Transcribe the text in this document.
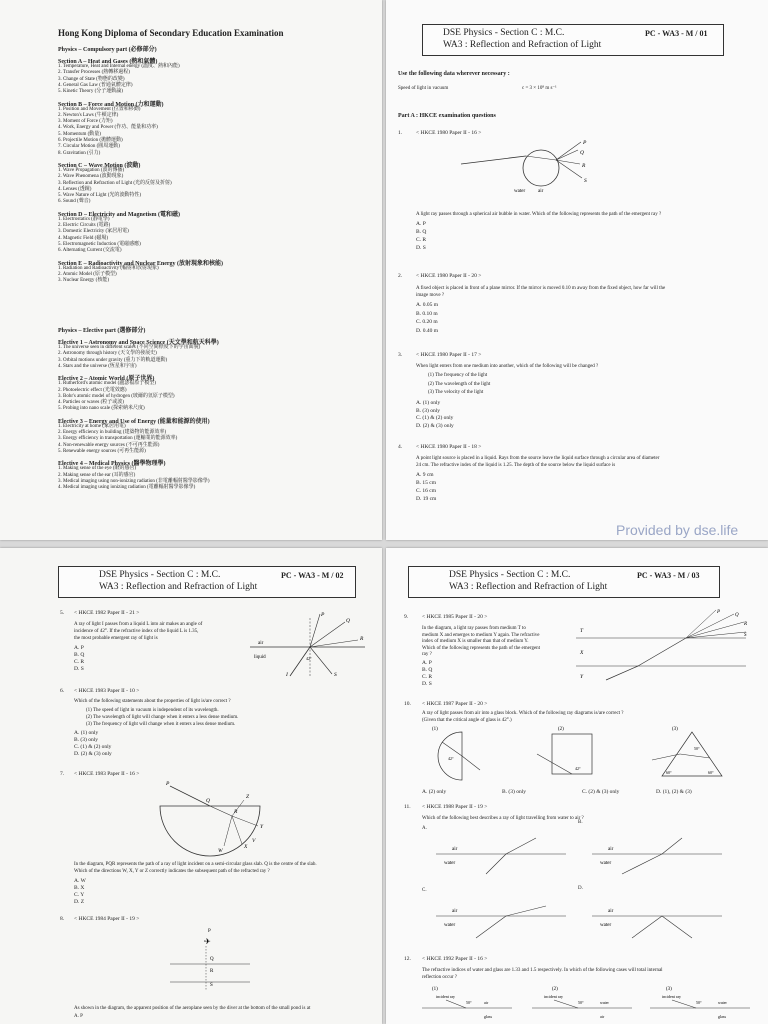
Hong Kong Diploma of Secondary Education Examination
Physics – Compulsory part (必修部分)
Section A – Heat and Gases (熱和氣體)
1. Temperature, Heat and Internal energy (溫度、熱和內能)
2. Transfer Processes (熱轉移過程)
3. Change of State (物態的改變)
4. General Gas Law (普通氣體定律)
5. Kinetic Theory (分子運動論)
Section B – Force and Motion (力和運動)
1. Position and Movement (位置和移動)
2. Newton's Laws (牛頓定律)
3. Moment of Force (力矩)
4. Work, Energy and Power (作功、能量和功率)
5. Momentum (動量)
6. Projectile Motion (拋體運動)
7. Circular Motion (圓周運動)
8. Gravitation (引力)
Section C – Wave Motion (波動)
1. Wave Propagation (波的傳播)
2. Wave Phenomena (波動現象)
3. Reflection and Refraction of Light (光的反射及折射)
4. Lenses (透鏡)
5. Wave Nature of Light (光的波動特性)
6. Sound (聲音)
Section D – Electricity and Magnetism (電和磁)
1. Electrostatics (靜電學)
2. Electric Circuits (電路)
3. Domestic Electricity (家居用電)
4. Magnetic Field (磁場)
5. Electromagnetic Induction (電磁感應)
6. Alternating Current (交流電)
Section E – Radioactivity and Nuclear Energy (放射現象和核能)
1. Radiation and Radioactivity (輻射和放射現象)
2. Atomic Model (原子模型)
3. Nuclear Energy (核能)
Physics – Elective part (選修部分)
Elective 1 – Astronomy and Space Science (天文學和航天科學)
1. The universe seen in different scales (不同空間標度下的宇宙面貌)
2. Astronomy through history (天文學的發展史)
3. Orbital motions under gravity (重力下的軌道運動)
4. Stars and the universe (恆星和宇宙)
Elective 2 – Atomic World (原子世界)
1. Rutherford's atomic model (盧瑟福原子模型)
2. Photoelectric effect (光電效應)
3. Bohr's atomic model of hydrogen (玻爾的氫原子模型)
4. Particles or waves (粒子或波)
5. Probing into nano scale (探索納米尺度)
Elective 3 – Energy and Use of Energy (能量和能源的使用)
1. Electricity at home (家居用電)
2. Energy efficiency in building (建築物的能源效率)
3. Energy efficiency in transportation (運輸業的能源效率)
4. Non-renewable energy sources (不可再生能源)
5. Renewable energy sources (可再生能源)
Elective 4 – Medical Physics (醫學物理學)
1. Making sense of the eye (眼的感官)
2. Making sense of the ear (耳的感官)
3. Medical imaging using non-ionizing radiation (非電離輻射醫學影像學)
4. Medical imaging using ionizing radiation (電離輻射醫學影像學)
DSE Physics - Section C : M.C.
WA3 : Reflection and Refraction of Light
PC - WA3 - M / 01
Use the following data wherever necessary :
Speed of light in vacuum	c = 3 × 10⁸ m s⁻¹
Part A : HKCE examination questions
1.	< HKCE 1980 Paper II - 16 >
P
Q
R
S
water	air
A light ray passes through a spherical air bubble in water. Which of the following represents the path of the emergent ray ?
A. P
B. Q
C. R
D. S
2.	< HKCE 1980 Paper II - 20 >
A fixed object is placed in front of a plane mirror. If the mirror is moved 0.10 m away from the fixed object, how far will the
image move ?
A. 0.05 m
B. 0.10 m
C. 0.20 m
D. 0.40 m
3.	< HKCE 1980 Paper II - 17 >
When light enters from one medium into another, which of the following will be changed ?
(1) The frequency of the light
(2) The wavelength of the light
(3) The velocity of the light
A. (1) only
B. (3) only
C. (1) & (2) only
D. (2) & (3) only
4.	< HKCE 1980 Paper II - 18 >
A point light source is placed in a liquid. Rays from the source leave the liquid surface through a circular area of diameter
24 cm. The refractive index of the liquid is 1.25. The depth of the source below the liquid surface is
A. 9 cm
B. 15 cm
C. 16 cm
D. 19 cm
Provided by dse.life
DSE Physics - Section C : M.C.
WA3 : Reflection and Refraction of Light
PC - WA3 - M / 02
5. < HKCE 1982 Paper II - 21 >
A ray of light I passes from a liquid L into air makes an angle of
incidence of 42°. If the refractive index of the liquid L is 1.35,
the most probable emergent ray of light is
A. P
B. Q
C. R
D. S
air
liquid
P
Q
R
S
I
42°
6. < HKCE 1983 Paper II - 10 >
Which of the following statements about the properties of light is/are correct ?
(1) The speed of light in vacuum is independent of its wavelength.
(2) The wavelength of light will change when it enters a less dense medium.
(3) The frequency of light will change when it enters a less dense medium.
A. (1) only
B. (3) only
C. (1) & (2) only
D. (2) & (3) only
7. < HKCE 1983 Paper II - 16 >
P
Q
R
Y
Z
X
W
V
In the diagram, PQR represents the path of a ray of light incident on a semi-circular glass slab. Q is the centre of the slab.
Which of the directions W, X, Y or Z correctly indicates the subsequent path of the refracted ray ?
A. W
B. X
C. Y
D. Z
8. < HKCE 1984 Paper II - 19 >
P
✈
Q
R
S
As shown in the diagram, the apparent position of the aeroplane seen by the diver at the bottom of the small pond is at
A. P
DSE Physics - Section C : M.C.
WA3 : Reflection and Refraction of Light
PC - WA3 - M / 03
9.	< HKCE 1985 Paper II - 20 >
In the diagram, a light ray passes from medium T to
medium X and emerges to medium Y again. The refractive
index of medium X is smaller than that of medium Y.
Which of the following represents the path of the emergent
ray ?
A. P
B. Q
C. R
D. S
T
X
Y
P
Q
R
S
10. < HKCE 1987 Paper II - 20 >
A ray of light passes from air into a glass block. Which of the following ray diagrams is/are correct ?
(Given that the critical angle of glass is 42°.)
(1)
42°
(2)
42°
(3)
60°	60°
50°
A. (2) only	B. (3) only	C. (2) & (3) only	D. (1), (2) & (3)
11. < HKCE 1988 Paper II - 19 >
Which of the following best describes a ray of light travelling from water to air ?
A.
B.
C.	D.
air
water
air
water
air
water
air
water
12. < HKCE 1992 Paper II - 16 >
The refractive indices of water and glass are 1.33 and 1.5 respectively. In which of the following cases will total internal
reflection occur ?
(1)
incident ray
50°	air
glass
(2)
incident ray
50°	water
air
(3)
incident ray
50°	water
glass
